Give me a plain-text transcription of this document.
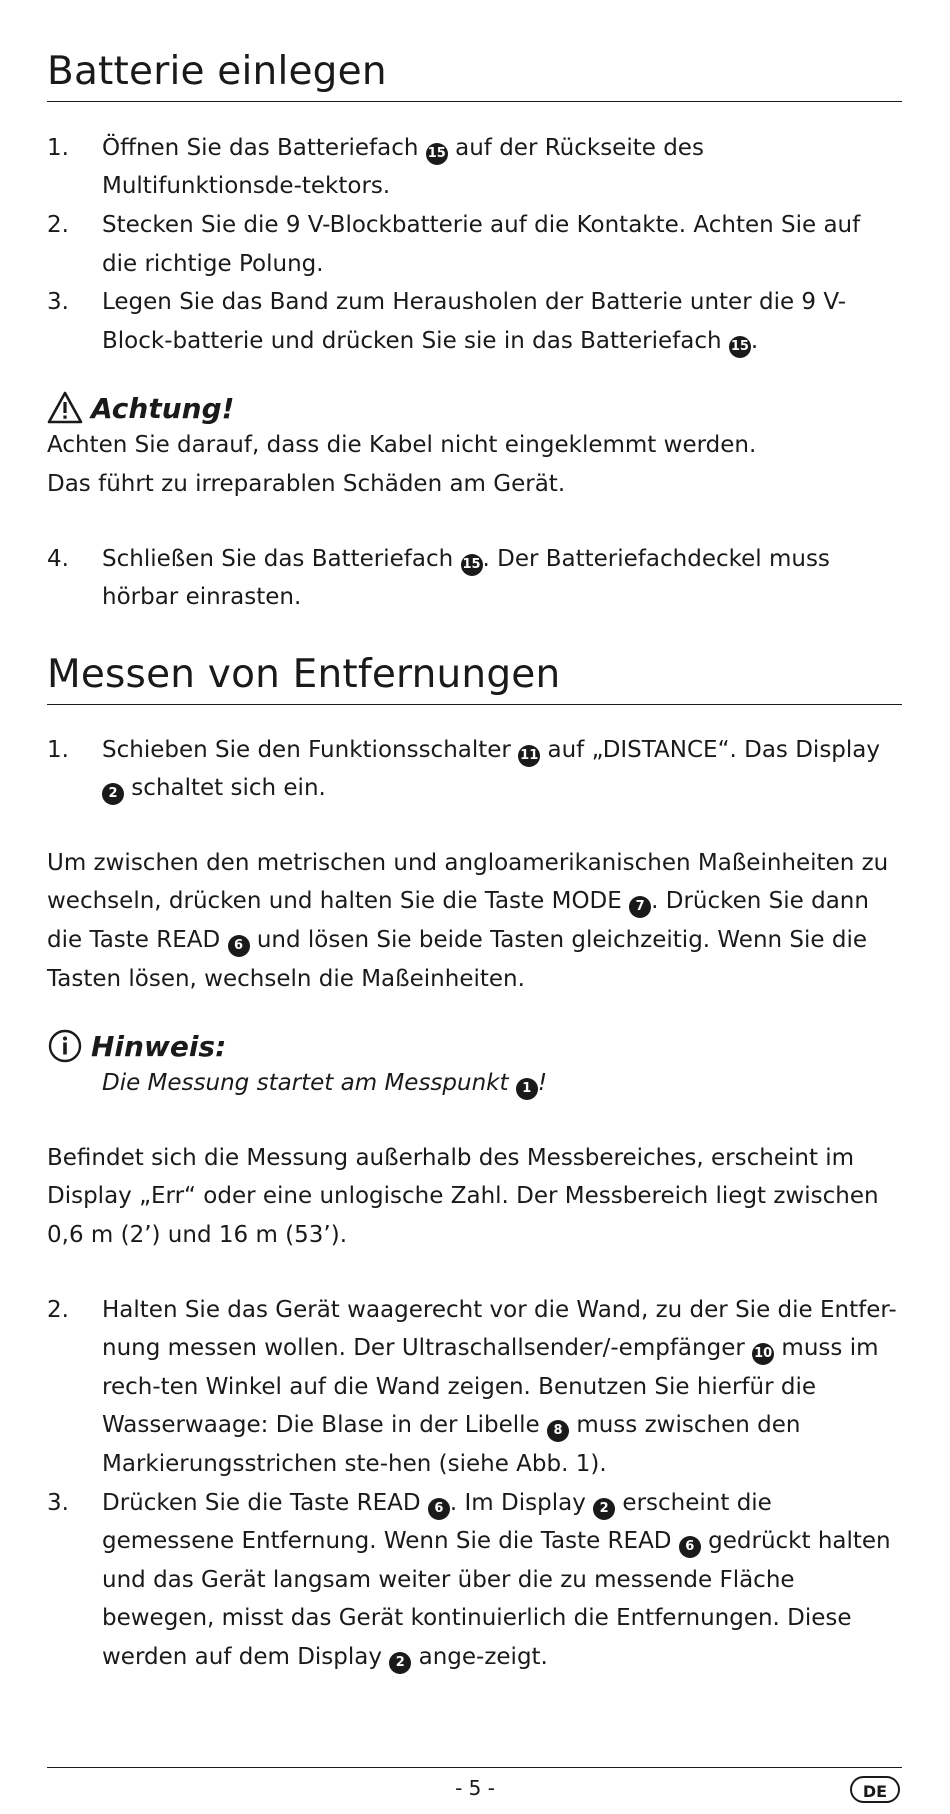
Batterie einlegen
1.	Öffnen Sie das Batteriefach 15 auf der Rückseite des Multifunktionsde-tektors.
2.	Stecken Sie die 9 V-Blockbatterie auf die Kontakte. Achten Sie auf die richtige Polung.
3.	Legen Sie das Band zum Herausholen der Batterie unter die 9 V-Block-batterie und drücken Sie sie in das Batteriefach 15.
Achtung!
Achten Sie darauf, dass die Kabel nicht eingeklemmt werden.
Das führt zu irreparablen Schäden am Gerät.
4.	Schließen Sie das Batteriefach 15. Der Batteriefachdeckel muss hörbar einrasten.
Messen von Entfernungen
1.	Schieben Sie den Funktionsschalter 11 auf „DISTANCE“. Das Display 2 schaltet sich ein.
Um zwischen den metrischen und angloamerikanischen Maßeinheiten zu wechseln, drücken und halten Sie die Taste MODE 7 . Drücken Sie dann die Taste READ 6 und lösen Sie beide Tasten gleichzeitig. Wenn Sie die Tasten lösen, wechseln die Maßeinheiten.
Hinweis:
Die Messung startet am Messpunkt 1 !
Befindet sich die Messung außerhalb des Messbereiches, erscheint im Display „Err“ oder eine unlogische Zahl. Der Messbereich liegt zwischen 0,6 m (2’) und 16 m (53’).
2.	Halten Sie das Gerät waagerecht vor die Wand, zu der Sie die Entfer-nung messen wollen. Der Ultraschallsender/-empfänger 10 muss im rech-ten Winkel auf die Wand zeigen. Benutzen Sie hierfür die Wasserwaage: Die Blase in der Libelle 8 muss zwischen den Markierungsstrichen ste-hen (siehe Abb. 1).
3.	Drücken Sie die Taste READ 6 . Im Display 2 erscheint die gemessene Entfernung. Wenn Sie die Taste READ 6 gedrückt halten und das Gerät langsam weiter über die zu messende Fläche bewegen, misst das Gerät kontinuierlich die Entfernungen. Diese werden auf dem Display 2 ange-zeigt.
- 5 -	DE
